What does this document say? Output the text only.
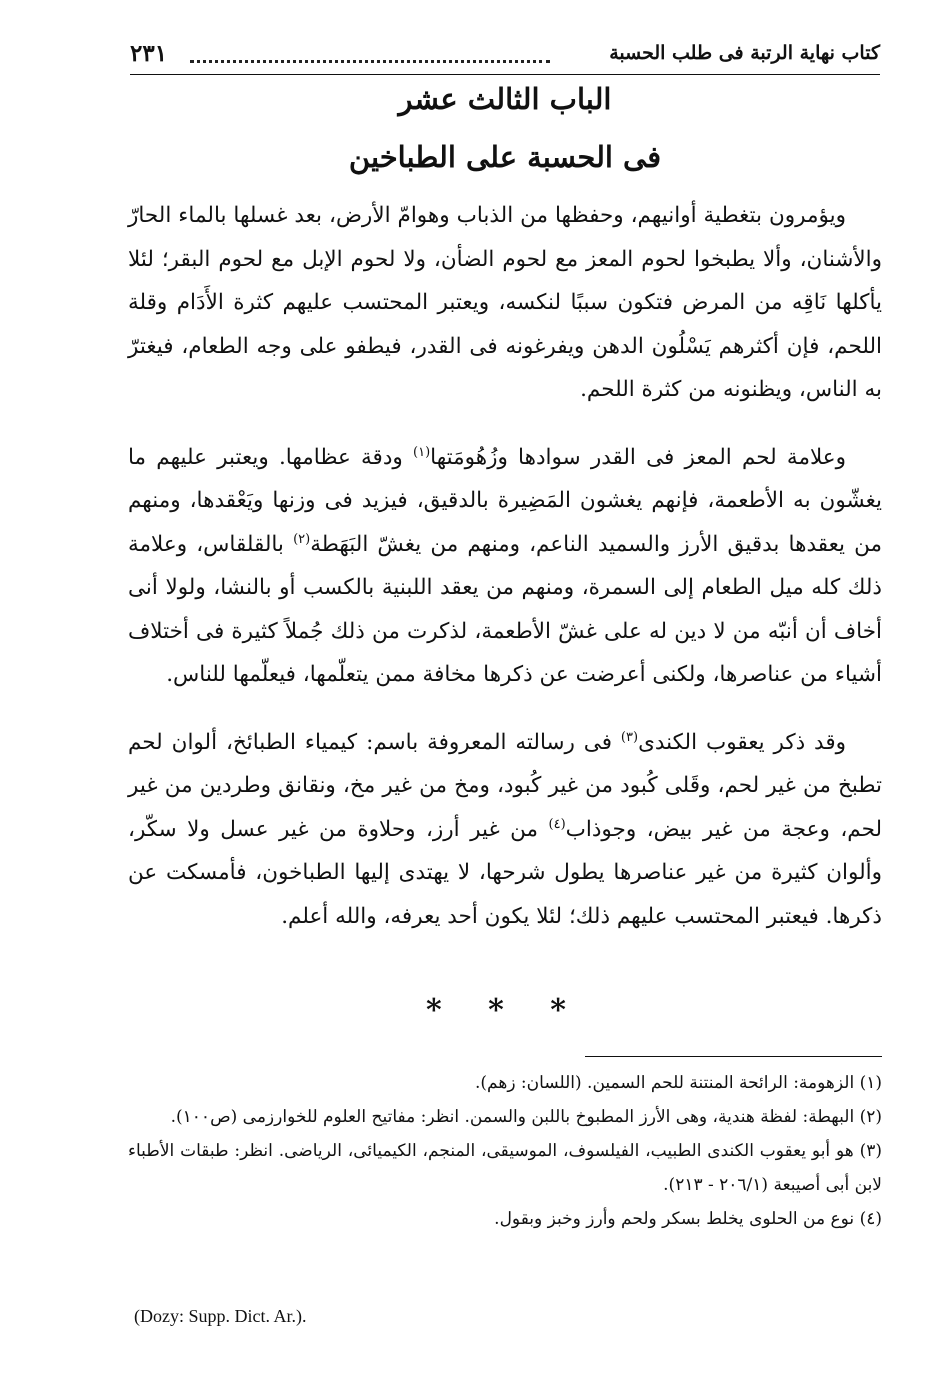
كتاب نهاية الرتبة فى طلب الحسبة
٢٣١
الباب الثالث عشر
فى الحسبة على الطباخين

ويؤمرون بتغطية أوانيهم، وحفظها من الذباب وهوامّ الأرض، بعد غسلها بالماء الحارّ والأشنان، وألا يطبخوا لحوم المعز مع لحوم الضأن، ولا لحوم الإبل مع لحوم البقر؛ لئلا يأكلها نَاقِه من المرض فتكون سببًا لنكسه، ويعتبر المحتسب عليهم كثرة الأَدَام وقلة اللحم، فإن أكثرهم يَسْلُون الدهن ويفرغونه فى القدر، فيطفو على وجه الطعام، فيغترّ به الناس، ويظنونه من كثرة اللحم.

وعلامة لحم المعز فى القدر سوادها وزُهُومَتها$^{(١)}$ ودقة عظامها. ويعتبر عليهم ما يغشّون به الأطعمة، فإنهم يغشون المَضِيرة بالدقيق، فيزيد فى وزنها ويَعْقدها، ومنهم من يعقدها بدقيق الأرز والسميد الناعم، ومنهم من يغشّ البَهَطة$^{(٢)}$ بالقلقاس، وعلامة ذلك كله ميل الطعام إلى السمرة، ومنهم من يعقد اللبنية بالكسب أو بالنشا، ولولا أنى أخاف أن أنبّه من لا دين له على غشّ الأطعمة، لذكرت من ذلك جُملاً كثيرة فى أختلاف أشياء من عناصرها، ولكنى أعرضت عن ذكرها مخافة ممن يتعلّمها، فيعلّمها للناس.

وقد ذكر يعقوب الكندى$^{(٣)}$ فى رسالته المعروفة باسم: كيمياء الطبائخ، ألوان لحم تطبخ من غير لحم، وقَلى كُبود من غير كُبود، ومخ من غير مخ، ونقانق وطردين من غير لحم، وعجة من غير بيض، وجوذاب$^{(٤)}$ من غير أرز، وحلاوة من غير عسل ولا سكّر، وألوان كثيرة من غير عناصرها يطول شرحها، لا يهتدى إليها الطباخون، فأمسكت عن ذكرها. فيعتبر المحتسب عليهم ذلك؛ لئلا يكون أحد يعرفه، والله أعلم.

* * *

(١) الزهومة: الرائحة المنتنة للحم السمين. (اللسان: زهم).

(٢) البهطة: لفظة هندية، وهى الأرز المطبوخ باللبن والسمن. انظر: مفاتيح العلوم للخوارزمى (ص١٠٠).

(٣) هو أبو يعقوب الكندى الطبيب، الفيلسوف، الموسيقى، المنجم، الكيميائى، الرياضى. انظر: طبقات الأطباء لابن أبى أصيبعة (٢٠٦/١ - ٢١٣).

(٤) نوع من الحلوى يخلط بسكر ولحم وأرز وخبز وبقول.

(Dozy: Supp. Dict. Ar.).
